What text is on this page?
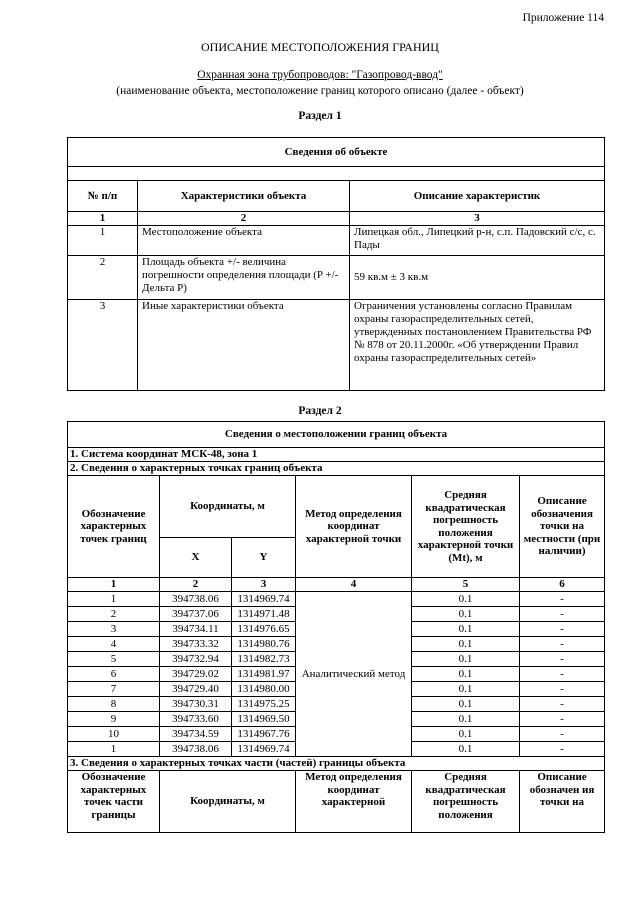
Приложение 114
ОПИСАНИЕ МЕСТОПОЛОЖЕНИЯ ГРАНИЦ
Охранная зона трубопроводов: "Газопровод-ввод"
(наименование объекта, местоположение границ которого описано (далее - объект)
Раздел 1
Сведения об объекте		

№ п/п	Характеристики объекта	Описание характеристик
1	2	3
1	Местоположение объекта	Липецкая обл., Липецкий р-н, с.п. Падовский с/с, с. Пады
2	Площадь объекта +/- величина погрешности определения площади (P +/- Дельта P)	59 кв.м ± 3 кв.м
3	Иные характеристики объекта	Ограничения установлены согласно Правилам охраны газораспределительных сетей, утвержденных постановлением Правительства РФ № 878 от 20.11.2000г. «Об утверждении Правил охраны газораспределительных сетей»
Раздел 2
Сведения о местоположении границ объекта					
1. Система координат МСК-48, зона 1					
2. Сведения о характерных точках границ объекта					
Обозначение характерных точек границ	Координаты, м		Метод определения координат характерной точки	Средняя квадратическая погрешность положения характерной точки (Mt), м	Описание обозначения точки на местности (при наличии)
	X	Y			
1	2	3	4	5	6
1	394738.06	1314969.74	Аналитический метод	0.1	-
2	394737.06	1314971.48		0.1	-
3	394734.11	1314976.65		0.1	-
4	394733.32	1314980.76		0.1	-
5	394732.94	1314982.73		0.1	-
6	394729.02	1314981.97		0.1	-
7	394729.40	1314980.00		0.1	-
8	394730.31	1314975.25		0.1	-
9	394733.60	1314969.50		0.1	-
10	394734.59	1314967.76		0.1	-
1	394738.06	1314969.74		0.1	-
3. Сведения о характерных точках части (частей) границы объекта					
Обозначение характерных точек части границы	Координаты, м		Метод определения координат характерной	Средняя квадратическая погрешность положения	Описание обозначен ия точки на
